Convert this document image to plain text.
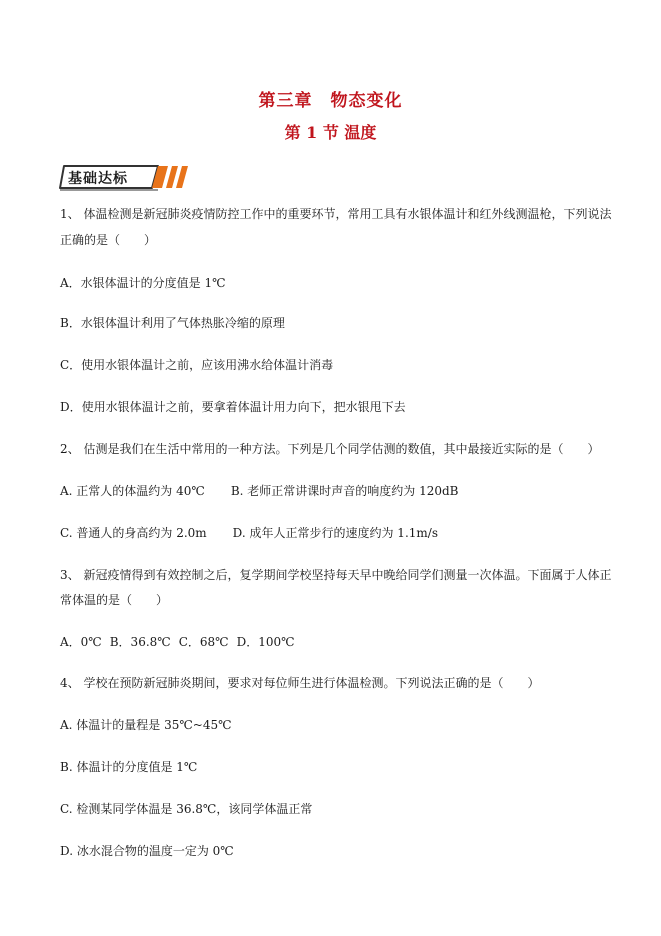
第三章　物态变化
第 1 节 温度
基础达标
1、 体温检测是新冠肺炎疫情防控工作中的重要环节，常用工具有水银体温计和红外线测温枪，下列说法
正确的是（　　）
A．水银体温计的分度值是 1℃
B．水银体温计利用了气体热胀冷缩的原理
C．使用水银体温计之前，应该用沸水给体温计消毒
D．使用水银体温计之前，要拿着体温计用力向下，把水银甩下去
2、 估测是我们在生活中常用的一种方法。下列是几个同学估测的数值，其中最接近实际的是（　　）
A. 正常人的体温约为 40℃ B. 老师正常讲课时声音的响度约为 120dB
C. 普通人的身高约为 2.0m D. 成年人正常步行的速度约为 1.1m/s
3、 新冠疫情得到有效控制之后，复学期间学校坚持每天早中晚给同学们测量一次体温。下面属于人体正
常体温的是（　　）
A．0℃ B．36.8℃ C．68℃ D．100℃
4、 学校在预防新冠肺炎期间，要求对每位师生进行体温检测。下列说法正确的是（　　）
A. 体温计的量程是 35℃~45℃
B. 体温计的分度值是 1℃
C. 检测某同学体温是 36.8℃，该同学体温正常
D. 冰水混合物的温度一定为 0℃
